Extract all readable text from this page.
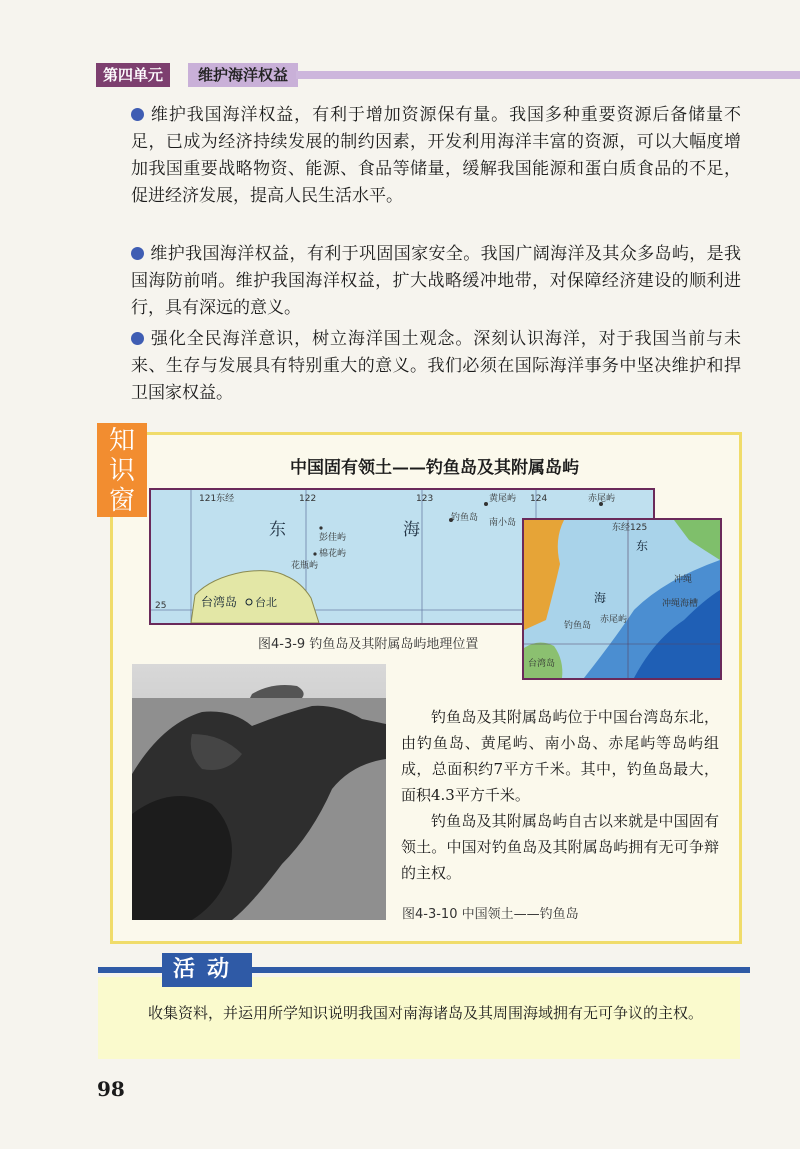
第四单元	维护海洋权益
维护我国海洋权益，有利于增加资源保有量。我国多种重要资源后备储量不足，已成为经济持续发展的制约因素，开发利用海洋丰富的资源，可以大幅度增加我国重要战略物资、能源、食品等储量，缓解我国能源和蛋白质食品的不足，促进经济发展，提高人民生活水平。
维护我国海洋权益，有利于巩固国家安全。我国广阔海洋及其众多岛屿，是我国海防前哨。维护我国海洋权益，扩大战略缓冲地带，对保障经济建设的顺利进行，具有深远的意义。
强化全民海洋意识，树立海洋国土观念。深刻认识海洋，对于我国当前与未来、生存与发展具有特别重大的意义。我们必须在国际海洋事务中坚决维护和捍卫国家权益。
知识窗
中国固有领土——钓鱼岛及其附属岛屿
121东经	122	123	124
25
东	海
黄尾屿	赤尾屿
钓鱼岛 南小岛
彭佳屿
棉花屿
花瓶屿
台湾岛 台北
东经125
海
东
钓鱼岛
赤尾屿
冲绳
冲绳海槽
台湾岛
图4-3-9 钓鱼岛及其附属岛屿地理位置
钓鱼岛及其附属岛屿位于中国台湾岛东北，由钓鱼岛、黄尾屿、南小岛、赤尾屿等岛屿组成，总面积约7平方千米。其中，钓鱼岛最大，面积4.3平方千米。
钓鱼岛及其附属岛屿自古以来就是中国固有领土。中国对钓鱼岛及其附属岛屿拥有无可争辩的主权。
图4-3-10 中国领土——钓鱼岛
活动
收集资料，并运用所学知识说明我国对南海诸岛及其周围海域拥有无可争议的主权。
98
